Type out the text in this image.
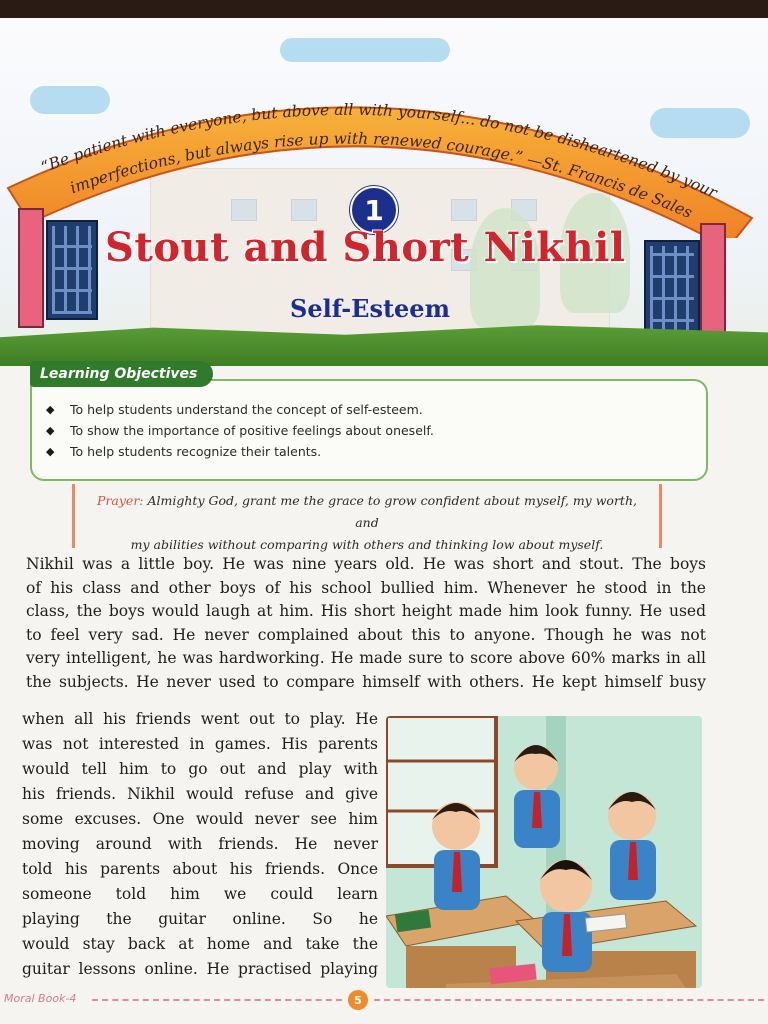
“Be patient with everyone, but above all with yourself... do not be disheartened by your
imperfections, but always rise up with renewed courage.” —St. Francis de Sales
1
Stout and Short Nikhil
Self-Esteem
Learning Objectives
◆	To help students understand the concept of self-esteem.
◆	To show the importance of positive feelings about oneself.
◆	To help students recognize their talents.
Prayer: Almighty God, grant me the grace to grow confident about myself, my worth, and
my abilities without comparing with others and thinking low about myself.
Nikhil was a little boy. He was nine years old. He was short and stout. The boys
of his class and other boys of his school bullied him. Whenever he stood in the
class, the boys would laugh at him. His short height made him look funny. He used
to feel very sad. He never complained about this to anyone. Though he was not
very intelligent, he was hardworking. He made sure to score above 60% marks in all
the subjects. He never used to compare himself with others. He kept himself busy
when all his friends went out to play. He
was not interested in games. His parents
would tell him to go out and play with
his friends. Nikhil would refuse and give
some excuses. One would never see him
moving around with friends. He never
told his parents about his friends. Once
someone told him we could learn
playing the guitar online. So he
would stay back at home and take the
guitar lessons online. He practised playing
Moral Book-4	5
